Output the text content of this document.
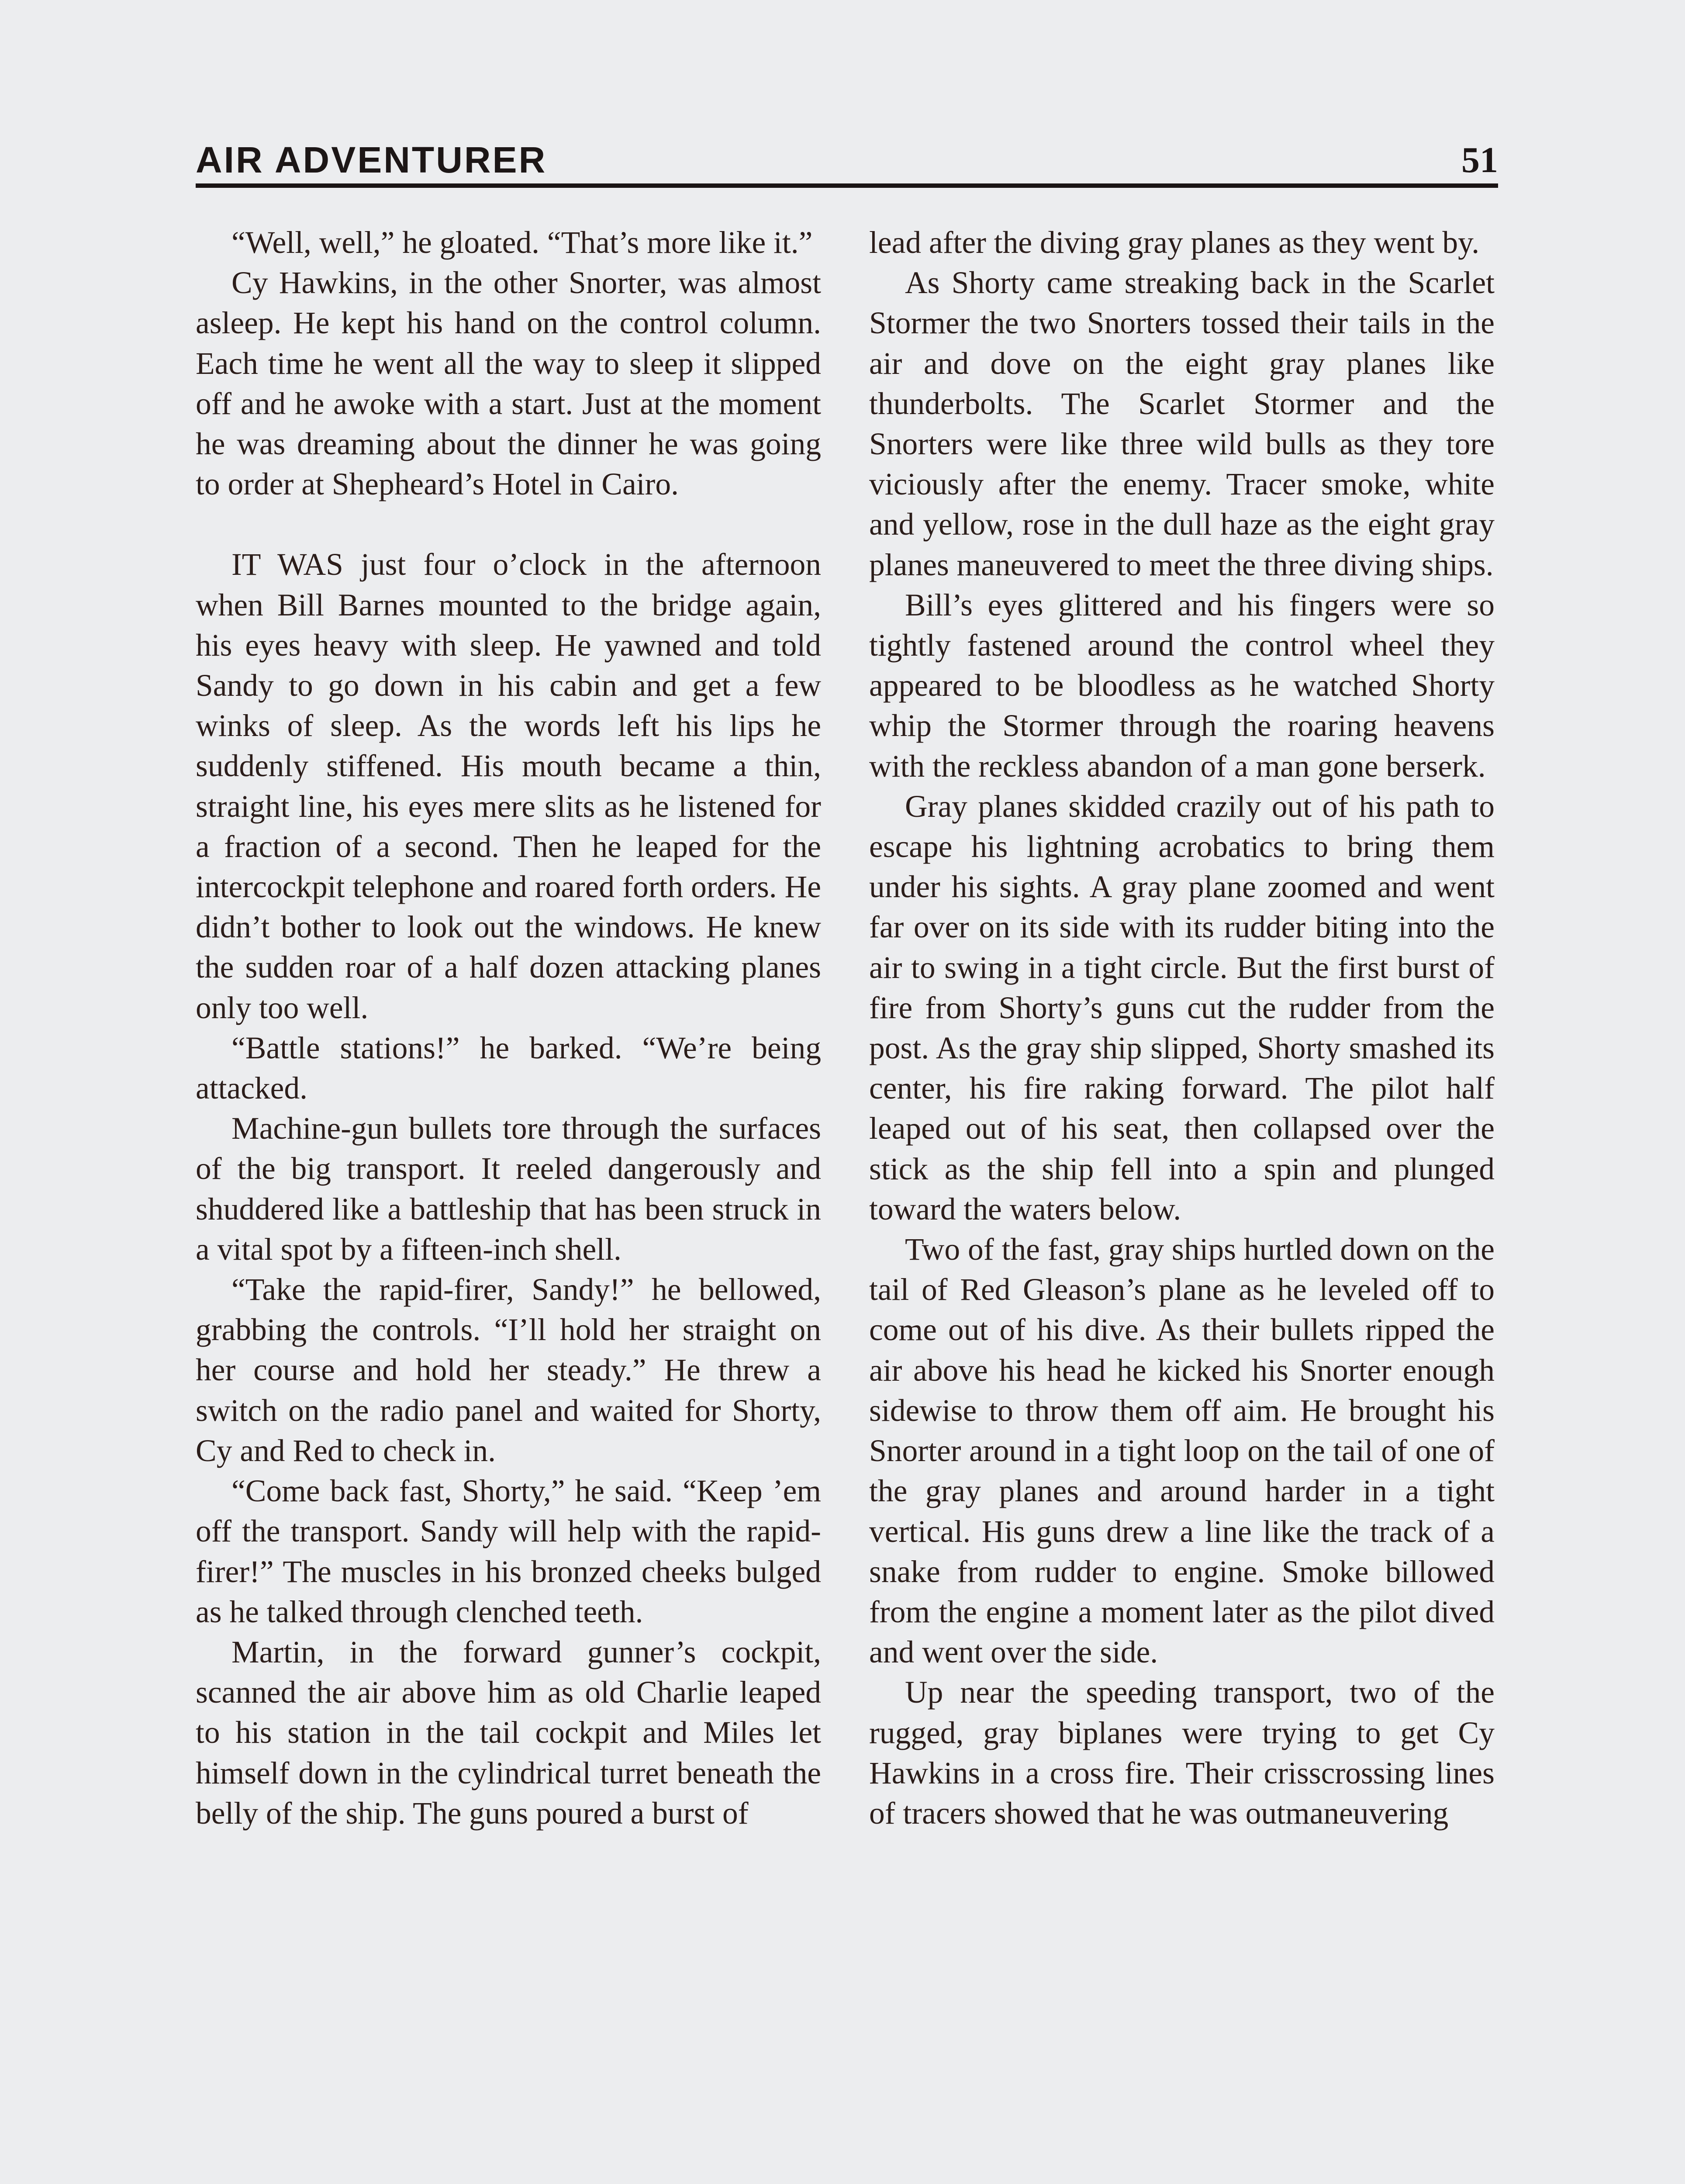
AIR ADVENTURER	51

“Well, well,” he gloated. “That’s more like it.”

Cy Hawkins, in the other Snorter, was almost asleep. He kept his hand on the control column. Each time he went all the way to sleep it slipped off and he awoke with a start. Just at the moment he was dreaming about the dinner he was going to order at Shepheard’s Hotel in Cairo.

IT WAS just four o’clock in the afternoon when Bill Barnes mounted to the bridge again, his eyes heavy with sleep. He yawned and told Sandy to go down in his cabin and get a few winks of sleep. As the words left his lips he suddenly stiffened. His mouth became a thin, straight line, his eyes mere slits as he listened for a fraction of a second. Then he leaped for the intercockpit telephone and roared forth orders. He didn’t bother to look out the windows. He knew the sudden roar of a half dozen attacking planes only too well.

“Battle stations!” he barked. “We’re being attacked.

Machine-gun bullets tore through the surfaces of the big transport. It reeled dangerously and shuddered like a battleship that has been struck in a vital spot by a fifteen-inch shell.

“Take the rapid-firer, Sandy!” he bellowed, grabbing the controls. “I’ll hold her straight on her course and hold her steady.” He threw a switch on the radio panel and waited for Shorty, Cy and Red to check in.

“Come back fast, Shorty,” he said. “Keep ’em off the transport. Sandy will help with the rapid-firer!” The muscles in his bronzed cheeks bulged as he talked through clenched teeth.

Martin, in the forward gunner’s cockpit, scanned the air above him as old Charlie leaped to his station in the tail cockpit and Miles let himself down in the cylindrical turret beneath the belly of the ship. The guns poured a burst of

lead after the diving gray planes as they went by.

As Shorty came streaking back in the Scarlet Stormer the two Snorters tossed their tails in the air and dove on the eight gray planes like thunderbolts. The Scarlet Stormer and the Snorters were like three wild bulls as they tore viciously after the enemy. Tracer smoke, white and yellow, rose in the dull haze as the eight gray planes maneuvered to meet the three diving ships.

Bill’s eyes glittered and his fingers were so tightly fastened around the control wheel they appeared to be bloodless as he watched Shorty whip the Stormer through the roaring heavens with the reckless abandon of a man gone berserk.

Gray planes skidded crazily out of his path to escape his lightning acrobatics to bring them under his sights. A gray plane zoomed and went far over on its side with its rudder biting into the air to swing in a tight circle. But the first burst of fire from Shorty’s guns cut the rudder from the post. As the gray ship slipped, Shorty smashed its center, his fire raking forward. The pilot half leaped out of his seat, then collapsed over the stick as the ship fell into a spin and plunged toward the waters below.

Two of the fast, gray ships hurtled down on the tail of Red Gleason’s plane as he leveled off to come out of his dive. As their bullets ripped the air above his head he kicked his Snorter enough sidewise to throw them off aim. He brought his Snorter around in a tight loop on the tail of one of the gray planes and around harder in a tight vertical. His guns drew a line like the track of a snake from rudder to engine. Smoke billowed from the engine a moment later as the pilot dived and went over the side.

Up near the speeding transport, two of the rugged, gray biplanes were trying to get Cy Hawkins in a cross fire. Their crisscrossing lines of tracers showed that he was outmaneuvering
